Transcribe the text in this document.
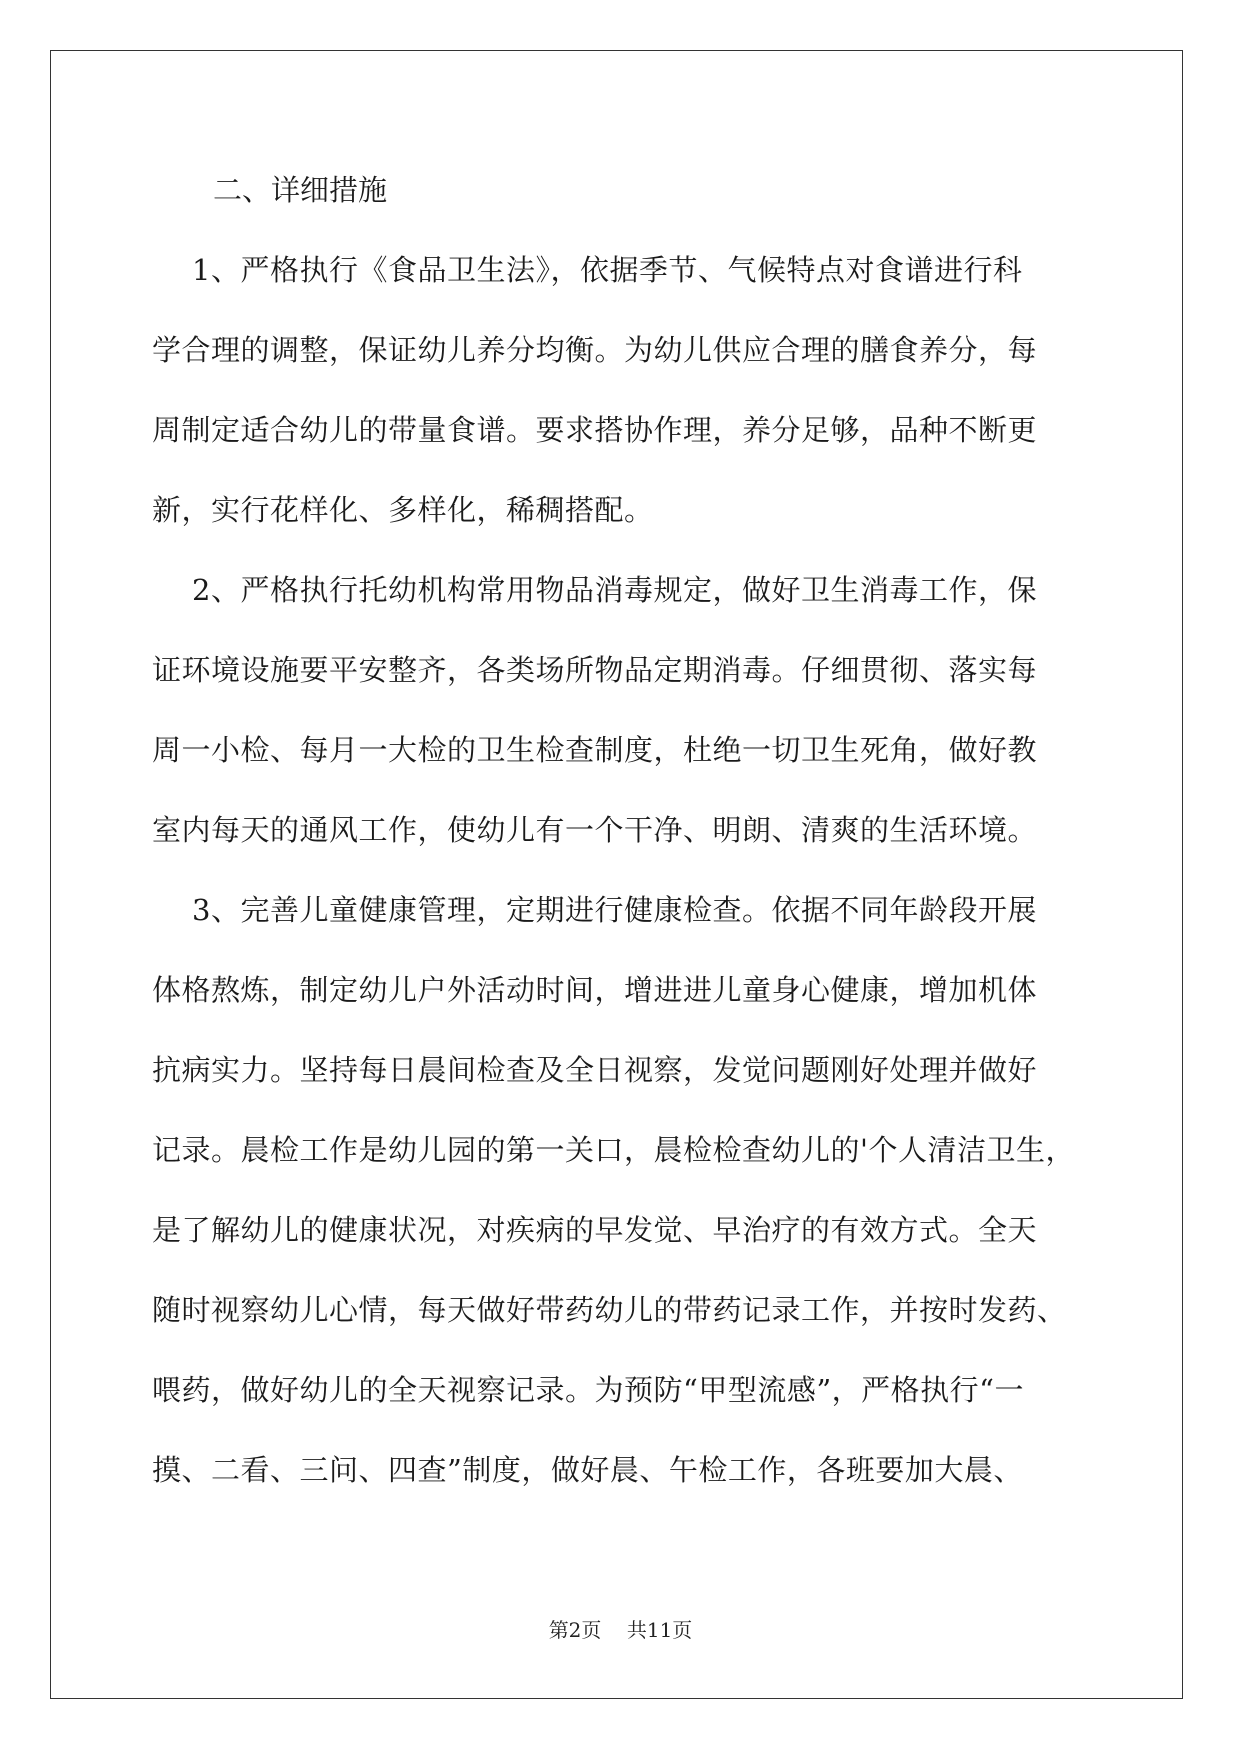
二、详细措施
1、严格执行《食品卫生法》，依据季节、气候特点对食谱进行科
学合理的调整，保证幼儿养分均衡。为幼儿供应合理的膳食养分，每
周制定适合幼儿的带量食谱。要求搭协作理，养分足够，品种不断更
新，实行花样化、多样化，稀稠搭配。
2、严格执行托幼机构常用物品消毒规定，做好卫生消毒工作，保
证环境设施要平安整齐，各类场所物品定期消毒。仔细贯彻、落实每
周一小检、每月一大检的卫生检查制度，杜绝一切卫生死角，做好教
室内每天的通风工作，使幼儿有一个干净、明朗、清爽的生活环境。
3、完善儿童健康管理，定期进行健康检查。依据不同年龄段开展
体格熬炼，制定幼儿户外活动时间，增进进儿童身心健康，增加机体
抗病实力。坚持每日晨间检查及全日视察，发觉问题刚好处理并做好
记录。晨检工作是幼儿园的第一关口，晨检检查幼儿的'个人清洁卫生，
是了解幼儿的健康状况，对疾病的早发觉、早治疗的有效方式。全天
随时视察幼儿心情，每天做好带药幼儿的带药记录工作，并按时发药、
喂药，做好幼儿的全天视察记录。为预防“甲型流感”，严格执行“一
摸、二看、三问、四查”制度，做好晨、午检工作，各班要加大晨、
第2页 共11页
